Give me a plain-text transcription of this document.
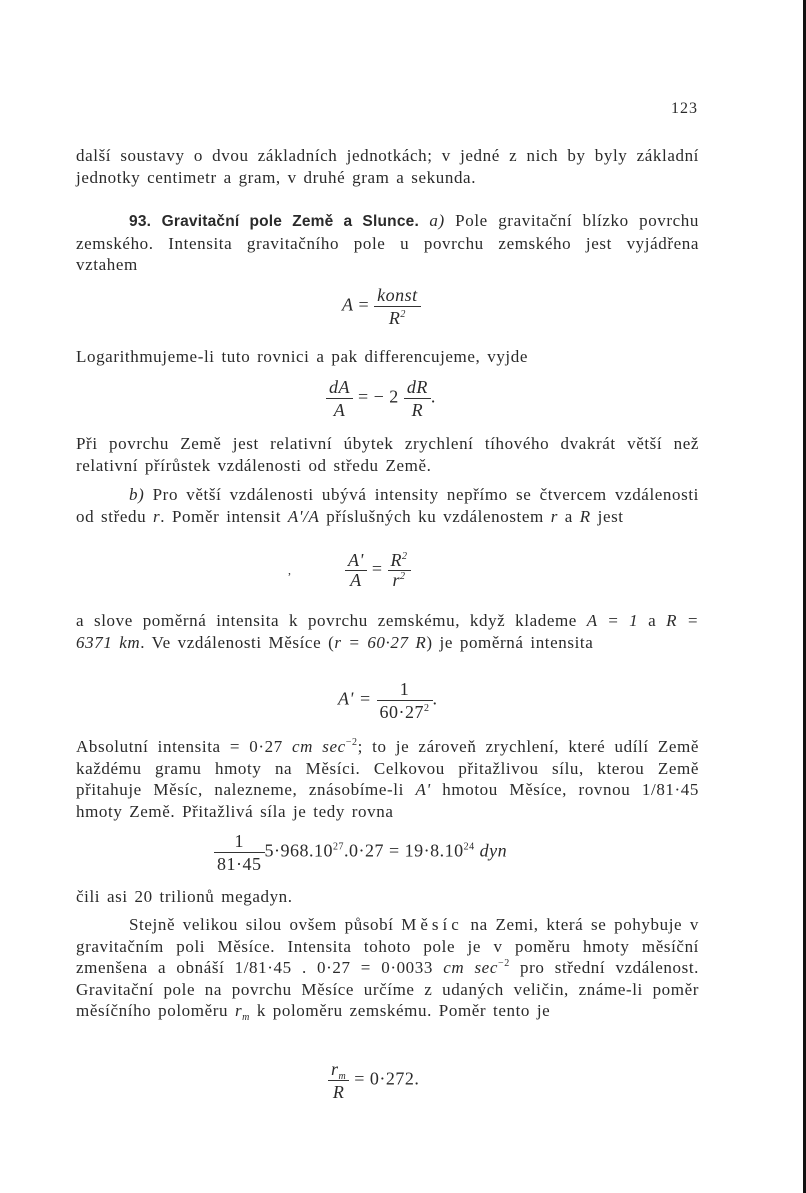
123

další soustavy o dvou základních jednotkách; v jedné z nich by byly základní jednotky centimetr a gram, v druhé gram a sekunda.

93. Gravitační pole Země a Slunce. a) Pole gravitační blízko povrchu zemského. Intensita gravitačního pole u povrchu zemského jest vyjádřena vztahem

$A = \frac{\text{konst}}{R^2}$

Logarithmujeme-li tuto rovnici a pak differencujeme, vyjde

$\frac{dA}{A}$ = − $2 \frac{dR}{R}$ .

Při povrchu Země jest relativní úbytek zrychlení tíhového dvakrát větší než relativní přírůstek vzdálenosti od středu Země.

b) Pro větší vzdálenosti ubývá intensity nepřímo se čtvercem vzdálenosti od středu r. Poměr intensit A'/A příslušných ku vzdálenostem r a R jest

,	$\frac{A'}{A} = \frac{R^2}{r^2}$

a slove poměrná intensita k povrchu zemskému, když klademe A = 1 a R = 6371 km. Ve vzdálenosti Měsíce (r = 60·27 R) je poměrná intensita

$A' = \frac{1}{60\cdot 27^2}$ .

Absolutní intensita = 0·27 cm $\sec^{-2}$; to je zároveň zrychlení, které udílí Země každému gramu hmoty na Měsíci. Celkovou přitažlivou sílu, kterou Země přitahuje Měsíc, nalezneme, znásobíme-li A' hmotou Měsíce, rovnou 1/81·45 hmoty Země. Přitažlivá síla je tedy rovna

$\frac{1}{81\cdot 45} 5\cdot 968.10^{27}.0\cdot 27 = 19\cdot 8.10^{24}$ dyn

čili asi 20 trilionů megadyn.

Stejně velikou silou ovšem působí Měsíc na Zemi, která se pohybuje v gravitačním poli Měsíce. Intensita tohoto pole je v poměru hmoty měsíční zmenšena a obnáší 1/81·45 . 0·27 = 0·0033 cm $\sec^{-2}$ pro střední vzdálenost. Gravitační pole na povrchu Měsíce určíme z udaných veličin, známe-li poměr měsíčního poloměru $r_m$ k poloměru zemskému. Poměr tento je

$\frac{r_m}{R} = 0\cdot 272$.
